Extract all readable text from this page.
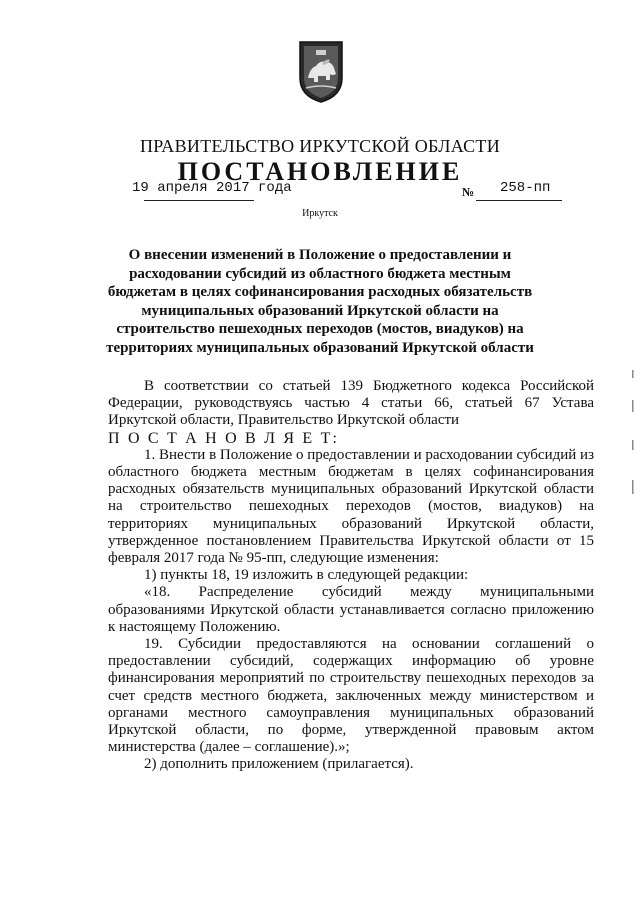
ПРАВИТЕЛЬСТВО ИРКУТСКОЙ ОБЛАСТИ
ПОСТАНОВЛЕНИЕ
19 апреля 2017 года	№ 258-пп
Иркутск
О внесении изменений в Положение о предоставлении и расходовании субсидий из областного бюджета местным бюджетам в целях софинансирования расходных обязательств муниципальных образований Иркутской области на строительство пешеходных переходов (мостов, виадуков) на территориях муниципальных образований Иркутской области

В соответствии со статьей 139 Бюджетного кодекса Российской Федерации, руководствуясь частью 4 статьи 66, статьей 67 Устава Иркутской области, Правительство Иркутской области

П О С Т А Н О В Л Я Е Т:

1. Внести в Положение о предоставлении и расходовании субсидий из областного бюджета местным бюджетам в целях софинансирования расходных обязательств муниципальных образований Иркутской области на строительство пешеходных переходов (мостов, виадуков) на территориях муниципальных образований Иркутской области, утвержденное постановлением Правительства Иркутской области от 15 февраля 2017 года № 95-пп, следующие изменения:

1) пункты 18, 19 изложить в следующей редакции:

«18. Распределение субсидий между муниципальными образованиями Иркутской области устанавливается согласно приложению к настоящему Положению.

19. Субсидии предоставляются на основании соглашений о предоставлении субсидий, содержащих информацию об уровне финансирования мероприятий по строительству пешеходных переходов за счет средств местного бюджета, заключенных между министерством и органами местного самоуправления муниципальных образований Иркутской области, по форме, утвержденной правовым актом министерства (далее – соглашение).»;

2) дополнить приложением (прилагается).
